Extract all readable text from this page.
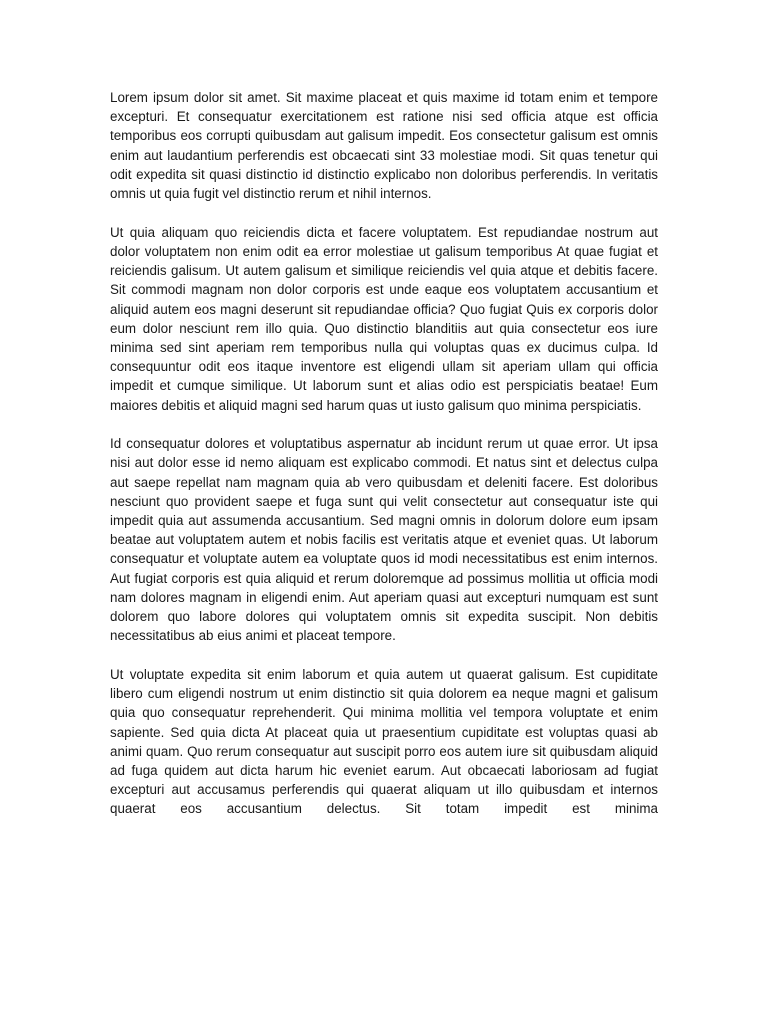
Lorem ipsum dolor sit amet. Sit maxime placeat et quis maxime id totam enim et tempore excepturi. Et consequatur exercitationem est ratione nisi sed officia atque est officia temporibus eos corrupti quibusdam aut galisum impedit. Eos consectetur galisum est omnis enim aut laudantium perferendis est obcaecati sint 33 molestiae modi. Sit quas tenetur qui odit expedita sit quasi distinctio id distinctio explicabo non doloribus perferendis. In veritatis omnis ut quia fugit vel distinctio rerum et nihil internos.

Ut quia aliquam quo reiciendis dicta et facere voluptatem. Est repudiandae nostrum aut dolor voluptatem non enim odit ea error molestiae ut galisum temporibus At quae fugiat et reiciendis galisum. Ut autem galisum et similique reiciendis vel quia atque et debitis facere. Sit commodi magnam non dolor corporis est unde eaque eos voluptatem accusantium et aliquid autem eos magni deserunt sit repudiandae officia? Quo fugiat Quis ex corporis dolor eum dolor nesciunt rem illo quia. Quo distinctio blanditiis aut quia consectetur eos iure minima sed sint aperiam rem temporibus nulla qui voluptas quas ex ducimus culpa. Id consequuntur odit eos itaque inventore est eligendi ullam sit aperiam ullam qui officia impedit et cumque similique. Ut laborum sunt et alias odio est perspiciatis beatae! Eum maiores debitis et aliquid magni sed harum quas ut iusto galisum quo minima perspiciatis.

Id consequatur dolores et voluptatibus aspernatur ab incidunt rerum ut quae error. Ut ipsa nisi aut dolor esse id nemo aliquam est explicabo commodi. Et natus sint et delectus culpa aut saepe repellat nam magnam quia ab vero quibusdam et deleniti facere. Est doloribus nesciunt quo provident saepe et fuga sunt qui velit consectetur aut consequatur iste qui impedit quia aut assumenda accusantium. Sed magni omnis in dolorum dolore eum ipsam beatae aut voluptatem autem et nobis facilis est veritatis atque et eveniet quas. Ut laborum consequatur et voluptate autem ea voluptate quos id modi necessitatibus est enim internos. Aut fugiat corporis est quia aliquid et rerum doloremque ad possimus mollitia ut officia modi nam dolores magnam in eligendi enim. Aut aperiam quasi aut excepturi numquam est sunt dolorem quo labore dolores qui voluptatem omnis sit expedita suscipit. Non debitis necessitatibus ab eius animi et placeat tempore.

Ut voluptate expedita sit enim laborum et quia autem ut quaerat galisum. Est cupiditate libero cum eligendi nostrum ut enim distinctio sit quia dolorem ea neque magni et galisum quia quo consequatur reprehenderit. Qui minima mollitia vel tempora voluptate et enim sapiente. Sed quia dicta At placeat quia ut praesentium cupiditate est voluptas quasi ab animi quam. Quo rerum consequatur aut suscipit porro eos autem iure sit quibusdam aliquid ad fuga quidem aut dicta harum hic eveniet earum. Aut obcaecati laboriosam ad fugiat excepturi aut accusamus perferendis qui quaerat aliquam ut illo quibusdam et internos quaerat eos accusantium delectus. Sit totam impedit est minima
